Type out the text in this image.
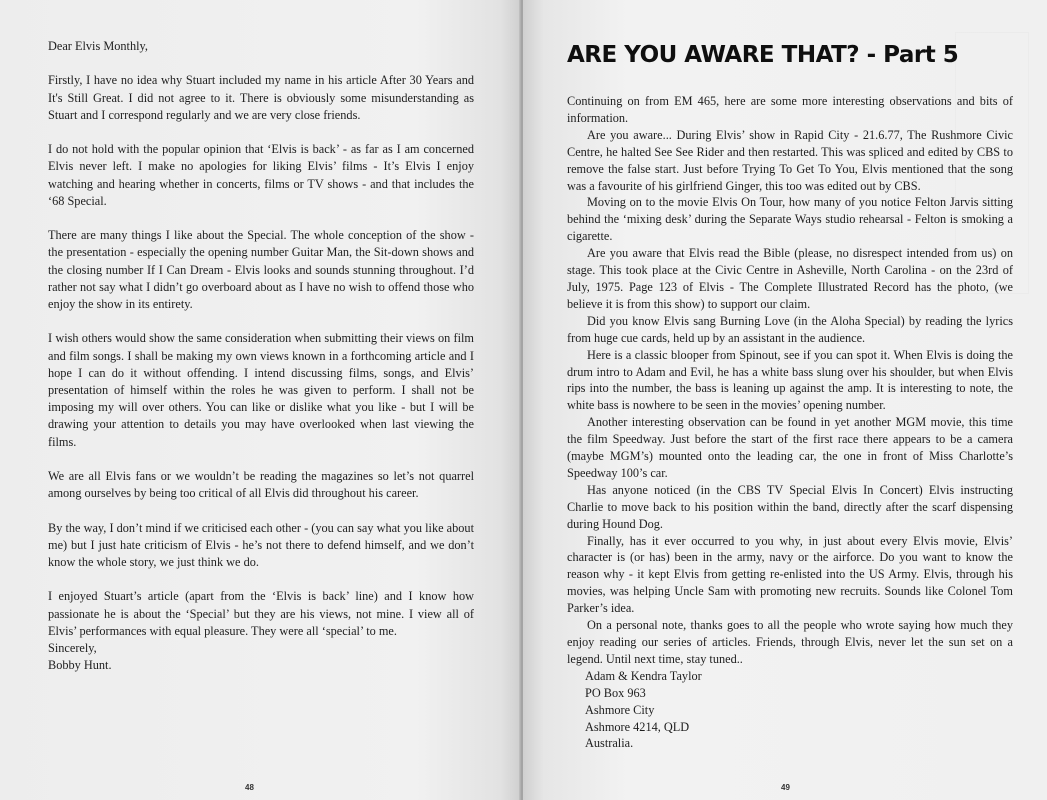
Dear Elvis Monthly,

Firstly, I have no idea why Stuart included my name in his article After 30 Years and It's Still Great. I did not agree to it. There is obviously some misunderstanding as Stuart and I correspond regularly and we are very close friends.

I do not hold with the popular opinion that ‘Elvis is back’ - as far as I am concerned Elvis never left. I make no apologies for liking Elvis’ films - It’s Elvis I enjoy watching and hearing whether in concerts, films or TV shows - and that includes the ‘68 Special.

There are many things I like about the Special. The whole conception of the show - the presentation - especially the opening number Guitar Man, the Sit-down shows and the closing number If I Can Dream - Elvis looks and sounds stunning throughout. I’d rather not say what I didn’t go overboard about as I have no wish to offend those who enjoy the show in its entirety.

I wish others would show the same consideration when submitting their views on film and film songs. I shall be making my own views known in a forthcoming article and I hope I can do it without offending. I intend discussing films, songs, and Elvis’ presentation of himself within the roles he was given to perform. I shall not be imposing my will over others. You can like or dislike what you like - but I will be drawing your attention to details you may have overlooked when last viewing the films.

We are all Elvis fans or we wouldn’t be reading the magazines so let’s not quarrel among ourselves by being too critical of all Elvis did throughout his career.

By the way, I don’t mind if we criticised each other - (you can say what you like about me) but I just hate criticism of Elvis - he’s not there to defend himself, and we don’t know the whole story, we just think we do.

I enjoyed Stuart’s article (apart from the ‘Elvis is back’ line) and I know how passionate he is about the ‘Special’ but they are his views, not mine. I view all of Elvis’ performances with equal pleasure. They were all ‘special’ to me.

Sincerely,
Bobby Hunt.
48
ARE YOU AWARE THAT? - Part 5

Continuing on from EM 465, here are some more interesting observations and bits of information.

Are you aware... During Elvis’ show in Rapid City - 21.6.77, The Rushmore Civic Centre, he halted See See Rider and then restarted. This was spliced and edited by CBS to remove the false start. Just before Trying To Get To You, Elvis mentioned that the song was a favourite of his girlfriend Ginger, this too was edited out by CBS.

Moving on to the movie Elvis On Tour, how many of you notice Felton Jarvis sitting behind the ‘mixing desk’ during the Separate Ways studio rehearsal - Felton is smoking a cigarette.

Are you aware that Elvis read the Bible (please, no disrespect intended from us) on stage. This took place at the Civic Centre in Asheville, North Carolina - on the 23rd of July, 1975. Page 123 of Elvis - The Complete Illustrated Record has the photo, (we believe it is from this show) to support our claim.

Did you know Elvis sang Burning Love (in the Aloha Special) by reading the lyrics from huge cue cards, held up by an assistant in the audience.

Here is a classic blooper from Spinout, see if you can spot it. When Elvis is doing the drum intro to Adam and Evil, he has a white bass slung over his shoulder, but when Elvis rips into the number, the bass is leaning up against the amp. It is interesting to note, the white bass is nowhere to be seen in the movies’ opening number.

Another interesting observation can be found in yet another MGM movie, this time the film Speedway. Just before the start of the first race there appears to be a camera (maybe MGM’s) mounted onto the leading car, the one in front of Miss Charlotte’s Speedway 100’s car.

Has anyone noticed (in the CBS TV Special Elvis In Concert) Elvis instructing Charlie to move back to his position within the band, directly after the scarf dispensing during Hound Dog.

Finally, has it ever occurred to you why, in just about every Elvis movie, Elvis’ character is (or has) been in the army, navy or the airforce. Do you want to know the reason why - it kept Elvis from getting re-enlisted into the US Army. Elvis, through his movies, was helping Uncle Sam with promoting new recruits. Sounds like Colonel Tom Parker’s idea.

On a personal note, thanks goes to all the people who wrote saying how much they enjoy reading our series of articles. Friends, through Elvis, never let the sun set on a legend. Until next time, stay tuned..

Adam & Kendra Taylor
PO Box 963
Ashmore City
Ashmore 4214, QLD
Australia.
49
